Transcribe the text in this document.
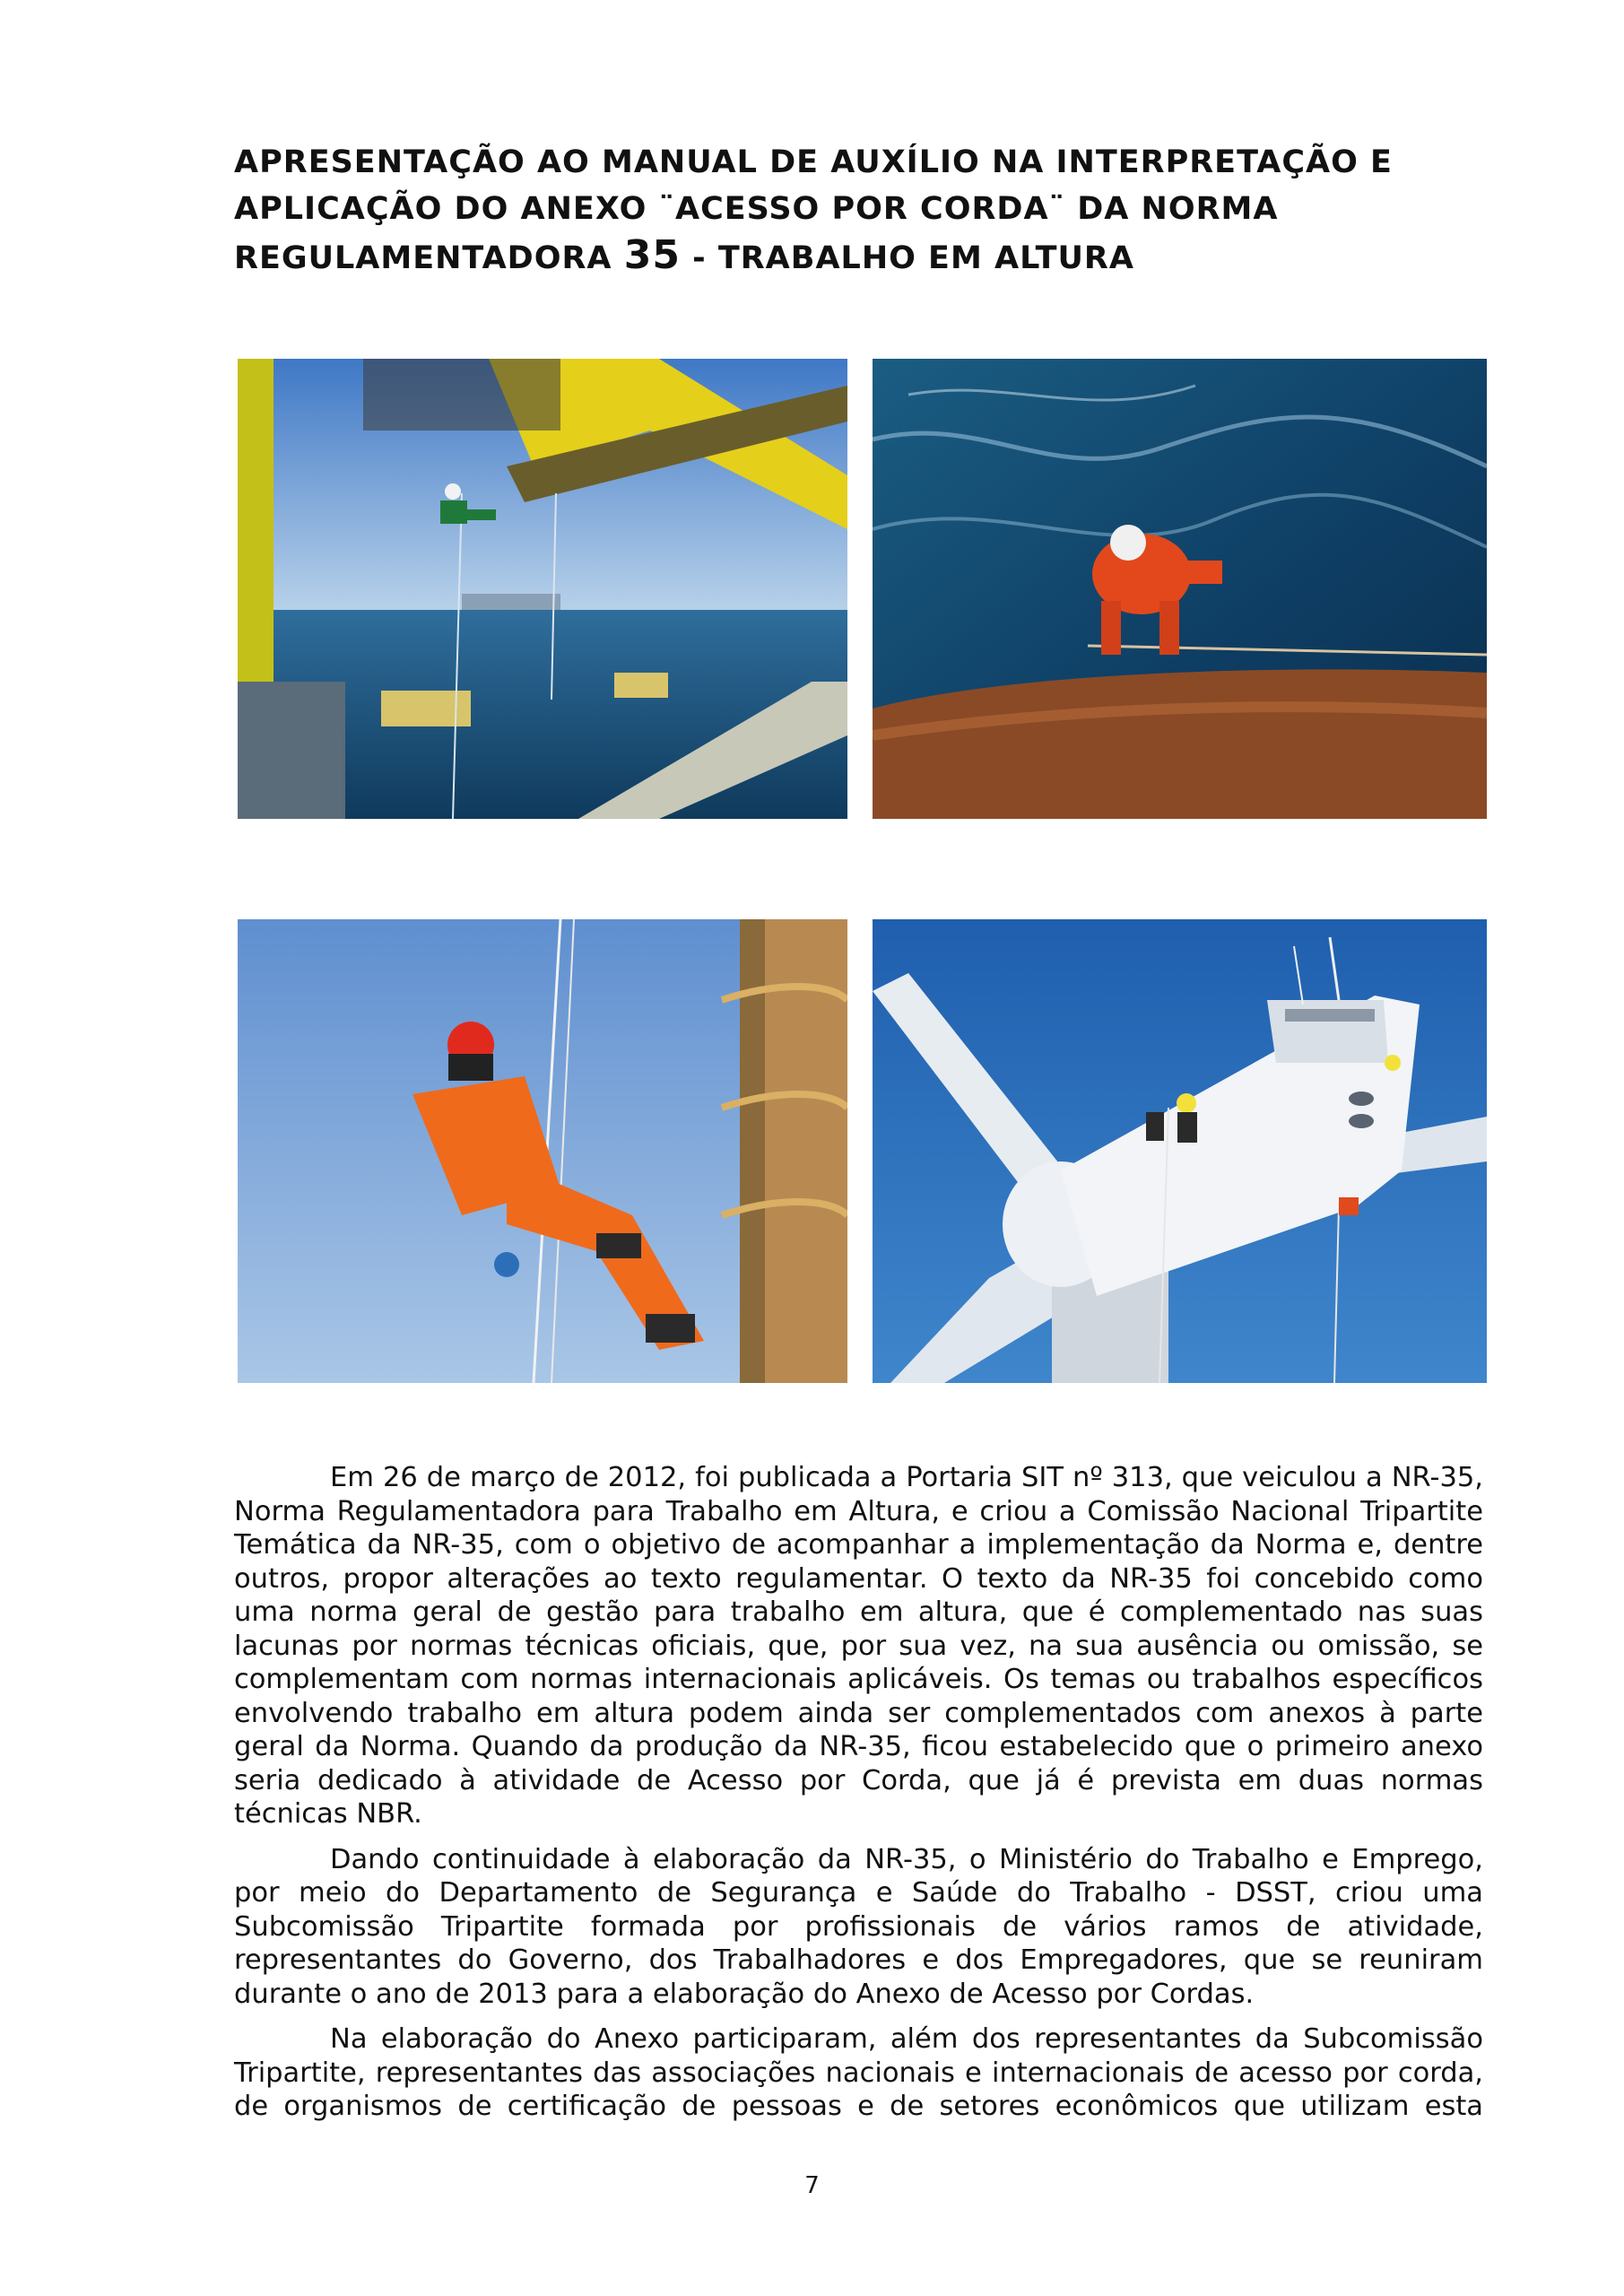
APRESENTAÇÃO AO MANUAL DE AUXÍLIO NA INTERPRETAÇÃO E
APLICAÇÃO DO ANEXO ¨ACESSO POR CORDA¨ DA NORMA
REGULAMENTADORA 35 - TRABALHO EM ALTURA

Em 26 de março de 2012, foi publicada a Portaria SIT nº 313, que veiculou a NR-35, Norma Regulamentadora para Trabalho em Altura, e criou a Comissão Nacional Tripartite Temática da NR-35, com o objetivo de acompanhar a implementação da Norma e, dentre outros, propor alterações ao texto regulamentar. O texto da NR-35 foi concebido como uma norma geral de gestão para trabalho em altura, que é complementado nas suas lacunas por normas técnicas oficiais, que, por sua vez, na sua ausência ou omissão, se complementam com normas internacionais aplicáveis. Os temas ou trabalhos específicos envolvendo trabalho em altura podem ainda ser complementados com anexos à parte geral da Norma. Quando da produção da NR-35, ficou estabelecido que o primeiro anexo seria dedicado à atividade de Acesso por Corda, que já é prevista em duas normas técnicas NBR.

Dando continuidade à elaboração da NR-35, o Ministério do Trabalho e Emprego, por meio do Departamento de Segurança e Saúde do Trabalho - DSST, criou uma Subcomissão Tripartite formada por profissionais de vários ramos de atividade, representantes do Governo, dos Trabalhadores e dos Empregadores, que se reuniram durante o ano de 2013 para a elaboração do Anexo de Acesso por Cordas.

Na elaboração do Anexo participaram, além dos representantes da Subcomissão Tripartite, representantes das associações nacionais e internacionais de acesso por corda, de organismos de certificação de pessoas e de setores econômicos que utilizam esta

7
